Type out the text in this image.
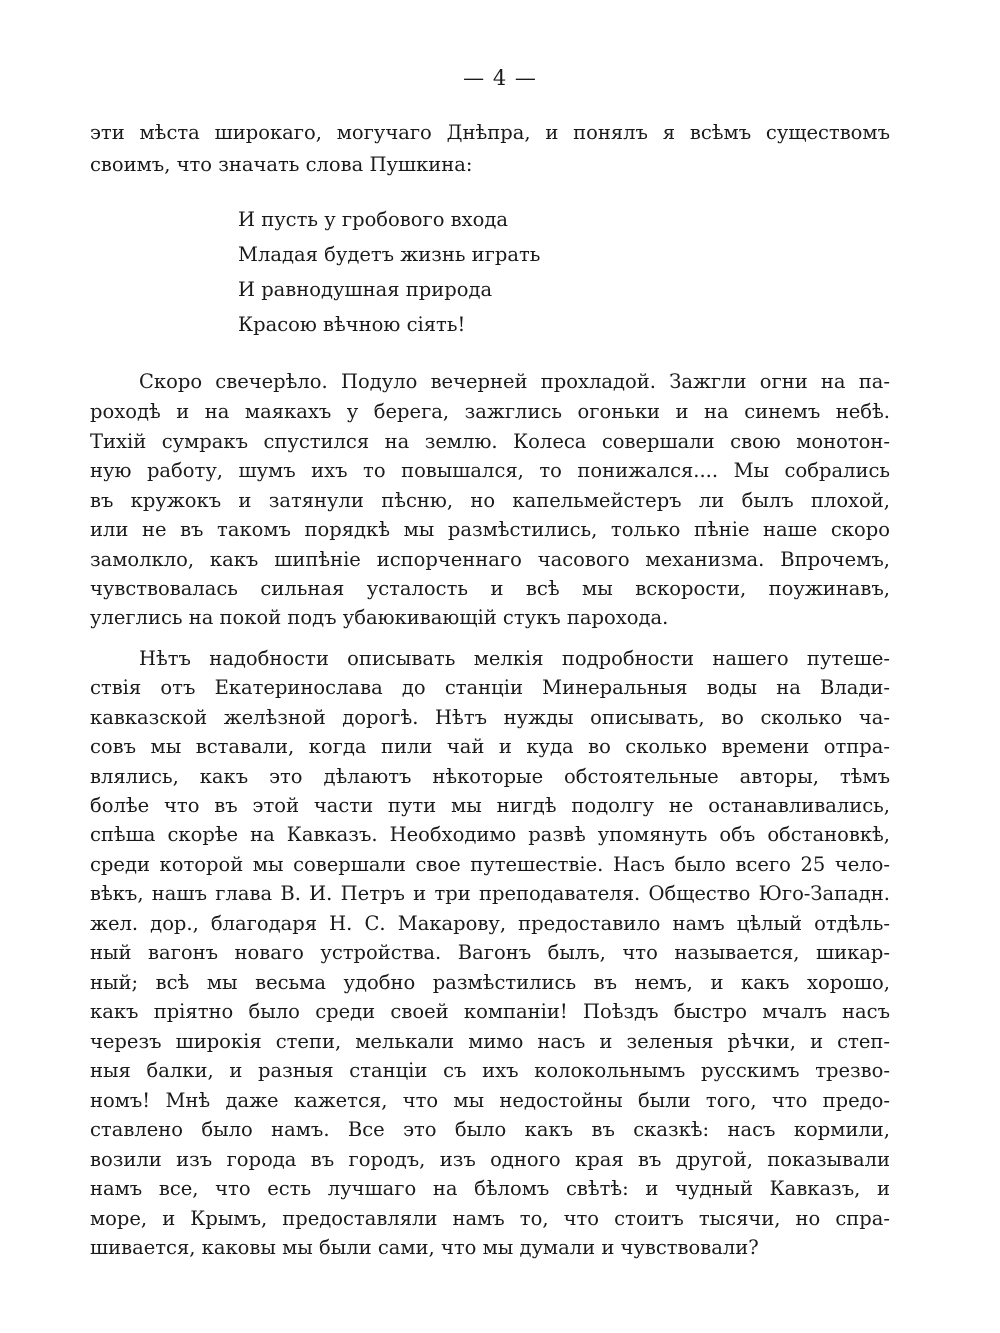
— 4 —
эти мѣста широкаго, могучаго Днѣпра, и понялъ я всѣмъ существомъ
своимъ, что значать слова Пушкина:
И пусть у гробового входа
Младая будетъ жизнь играть
И равнодушная природа
Красою вѣчною сіять!
Скоро свечерѣло. Подуло вечерней прохладой. Зажгли огни на па-
роходѣ и на маякахъ у берега, зажглись огоньки и на синемъ небѣ.
Тихій сумракъ спустился на землю. Колеса совершали свою монотон-
ную работу, шумъ ихъ то повышался, то понижался.... Мы собрались
въ кружокъ и затянули пѣсню, но капельмейстеръ ли былъ плохой,
или не въ такомъ порядкѣ мы размѣстились, только пѣніе наше скоро
замолкло, какъ шипѣніе испорченнаго часового механизма. Впрочемъ,
чувствовалась сильная усталость и всѣ мы вскорости, поужинавъ,
улеглись на покой подъ убаюкивающій стукъ парохода.
Нѣтъ надобности описывать мелкія подробности нашего путеше-
ствія отъ Екатеринослава до станціи Минеральныя воды на Влади-
кавказской желѣзной дорогѣ. Нѣтъ нужды описывать, во сколько ча-
совъ мы вставали, когда пили чай и куда во сколько времени отпра-
влялись, какъ это дѣлаютъ нѣкоторые обстоятельные авторы, тѣмъ
болѣе что въ этой части пути мы нигдѣ подолгу не останавливались,
спѣша скорѣе на Кавказъ. Необходимо развѣ упомянуть объ обстановкѣ,
среди которой мы совершали свое путешествіе. Насъ было всего 25 чело-
вѣкъ, нашъ глава В. И. Петръ и три преподавателя. Общество Юго-Западн.
жел. дор., благодаря Н. С. Макарову, предоставило намъ цѣлый отдѣль-
ный вагонъ новаго устройства. Вагонъ былъ, что называется, шикар-
ный; всѣ мы весьма удобно размѣстились въ немъ, и какъ хорошо,
какъ пріятно было среди своей компаніи! Поѣздъ быстро мчалъ насъ
черезъ широкія степи, мелькали мимо насъ и зеленыя рѣчки, и степ-
ныя балки, и разныя станціи съ ихъ колокольнымъ русскимъ трезво-
номъ! Мнѣ даже кажется, что мы недостойны были того, что предо-
ставлено было намъ. Все это было какъ въ сказкѣ: насъ кормили,
возили изъ города въ городъ, изъ одного края въ другой, показывали
намъ все, что есть лучшаго на бѣломъ свѣтѣ: и чудный Кавказъ, и
море, и Крымъ, предоставляли намъ то, что стоитъ тысячи, но спра-
шивается, каковы мы были сами, что мы думали и чувствовали?
